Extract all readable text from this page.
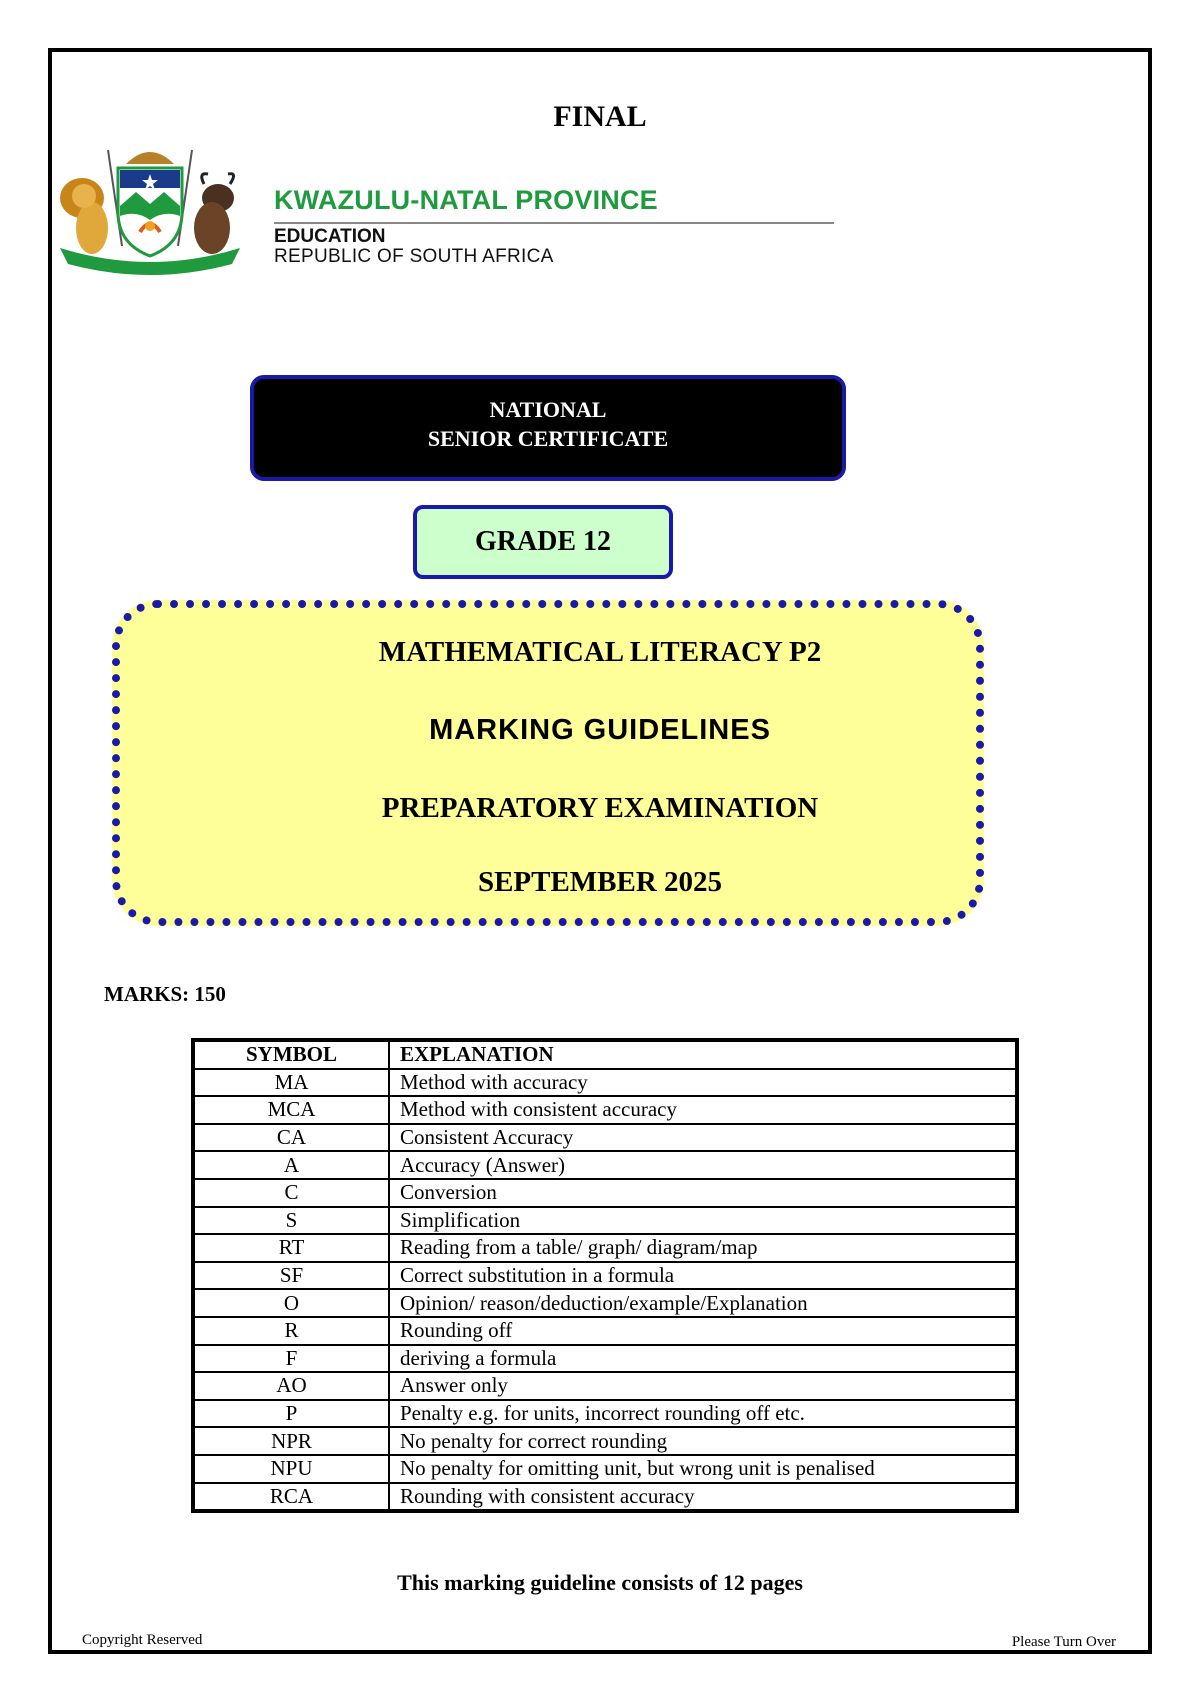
FINAL
KWAZULU-NATAL PROVINCE
EDUCATION
REPUBLIC OF SOUTH AFRICA
NATIONAL
SENIOR CERTIFICATE
GRADE 12
MATHEMATICAL LITERACY P2
MARKING GUIDELINES
PREPARATORY EXAMINATION
SEPTEMBER 2025
MARKS: 150
SYMBOL	EXPLANATION
MA	Method with accuracy
MCA	Method with consistent accuracy
CA	Consistent Accuracy
A	Accuracy (Answer)
C	Conversion
S	Simplification
RT	Reading from a table/ graph/ diagram/map
SF	Correct substitution in a formula
O	Opinion/ reason/deduction/example/Explanation
R	Rounding off
F	deriving a formula
AO	Answer only
P	Penalty e.g. for units, incorrect rounding off etc.
NPR	No penalty for correct rounding
NPU	No penalty for omitting unit, but wrong unit is penalised
RCA	Rounding with consistent accuracy
This marking guideline consists of 12 pages
Copyright Reserved	Please Turn Over
